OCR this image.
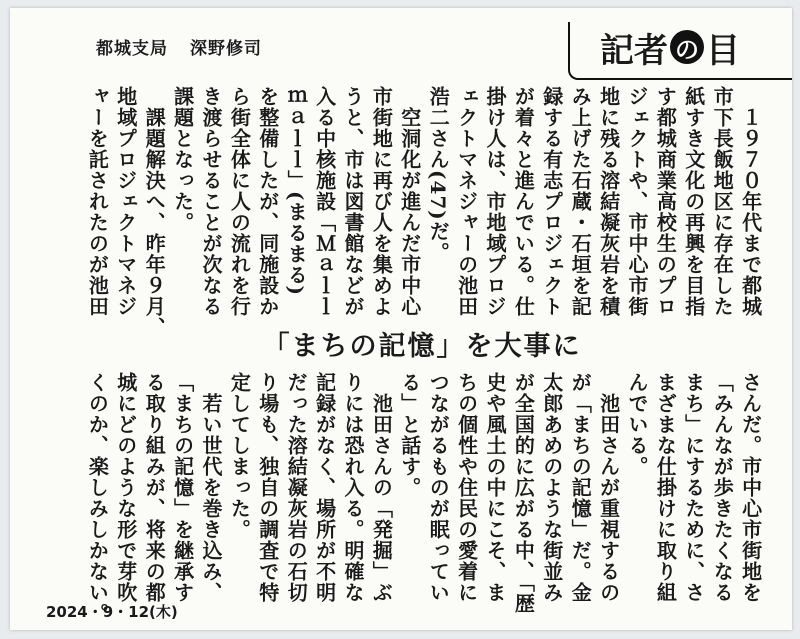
都城支局 深野修司	記者 の 目
「まちの記憶」を大事に
　１９７０年代まで都城
市下長飯地区に存在した
紙すき文化の再興を目指
す都城商業高校生のプロ
ジェクトや、市中心市街
地に残る溶結凝灰岩を積
み上げた石蔵・石垣を記
録する有志プロジェクト
が着々と進んでいる。仕
掛け人は、市地域プロジ
ェクトマネジャーの池田
浩二さん(47)だ。
　空洞化が進んだ市中心
市街地に再び人を集めよ
うと、市は図書館などが
入る中核施設「Ｍａｌｌ
ｍａｌｌ」(まるまる)
を整備したが、同施設か
ら街全体に人の流れを行
き渡らせることが次なる
課題となった。
　課題解決へ、昨年９月、
地域プロジェクトマネジ
ャーを託されたのが池田
さんだ。市中心市街地を
「みんなが歩きたくなる
まち」にするために、さ
まざまな仕掛けに取り組
んでいる。
　池田さんが重視するの
が「まちの記憶」だ。金
太郎あめのような街並み
が全国的に広がる中、「歴
史や風土の中にこそ、ま
ちの個性や住民の愛着に
つながるものが眠ってい
る」と話す。
　池田さんの「発掘」ぶ
りには恐れ入る。明確な
記録がなく、場所が不明
だった溶結凝灰岩の石切
り場も、独自の調査で特
定してしまった。
　若い世代を巻き込み、
「まちの記憶」を継承す
る取り組みが、将来の都
城にどのような形で芽吹
くのか、楽しみしかない。
2024・9・12(木)
